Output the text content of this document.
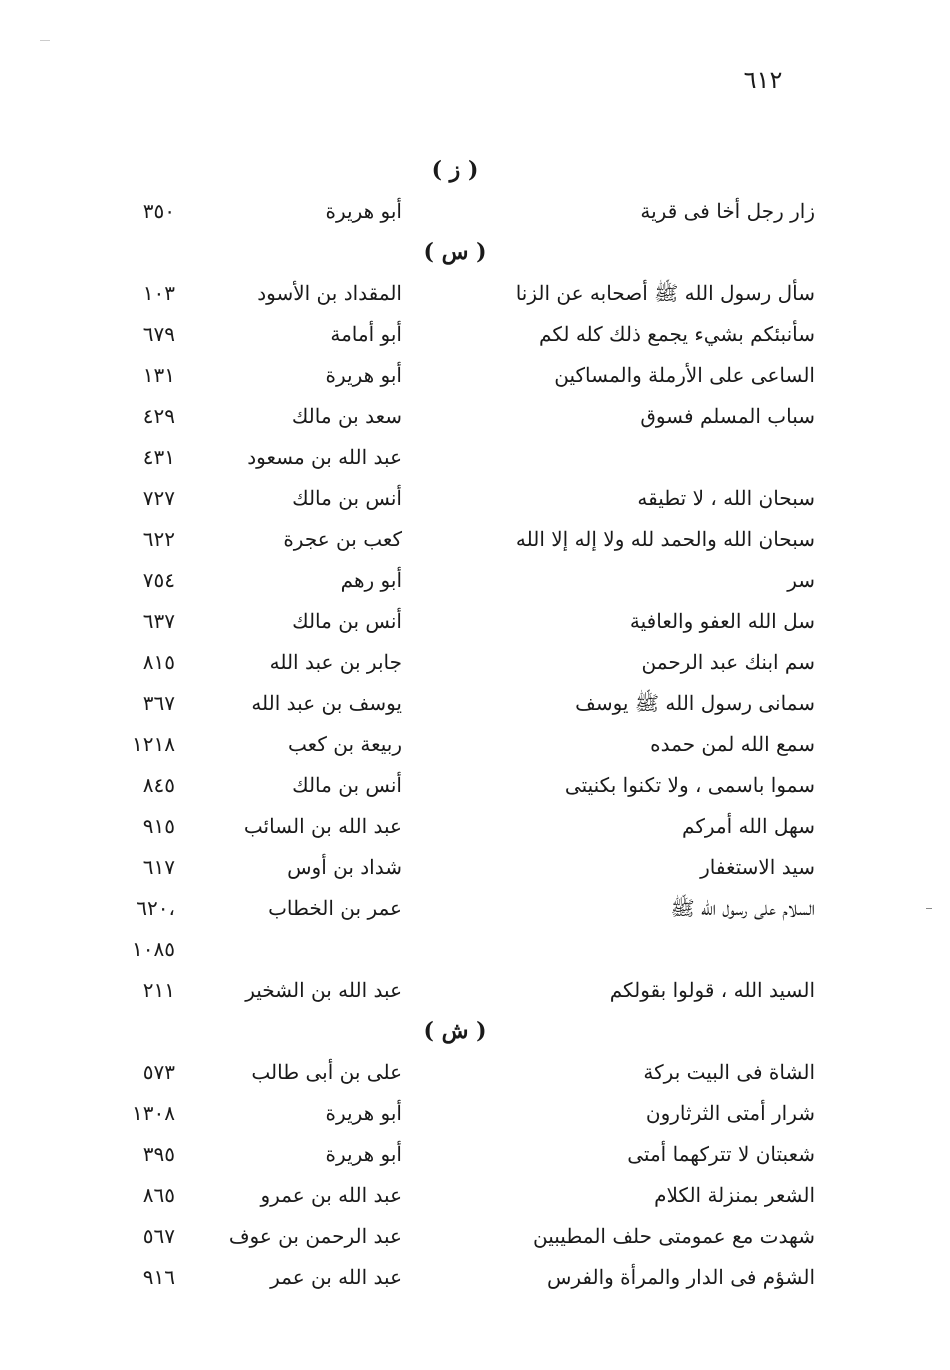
٦١٢
( ز )
زار رجل أخا فى قرية
أبو هريرة
٣٥٠
( س )
سأل رسول الله ﷺ أصحابه عن الزنا
المقداد بن الأسود
١٠٣
سأنبئكم بشيء يجمع ذلك كله لكم
أبو أمامة
٦٧٩
الساعى على الأرملة والمساكين
أبو هريرة
١٣١
سباب المسلم فسوق
سعد بن مالك
٤٢٩
عبد الله بن مسعود
٤٣١
سبحان الله ، لا تطيقه
أنس بن مالك
٧٢٧
سبحان الله والحمد لله ولا إله إلا الله
كعب بن عجرة
٦٢٢
سر
أبو رهم
٧٥٤
سل الله العفو والعافية
أنس بن مالك
٦٣٧
سم ابنك عبد الرحمن
جابر بن عبد الله
٨١٥
سمانى رسول الله ﷺ يوسف
يوسف بن عبد الله
٣٦٧
سمع الله لمن حمده
ربيعة بن كعب
١٢١٨
سموا باسمى ، ولا تكنوا بكنيتى
أنس بن مالك
٨٤٥
سهل الله أمركم
عبد الله بن السائب
٩١٥
سيد الاستغفار
شداد بن أوس
٦١٧
السلام على رسول الله ﷺ
عمر بن الخطاب
٦٢٠،
١٠٨٥
السيد الله ، قولوا بقولكم
عبد الله بن الشخير
٢١١
( ش )
الشاة فى البيت بركة
على بن أبى طالب
٥٧٣
شرار أمتى الثرثارون
أبو هريرة
١٣٠٨
شعبتان لا تتركهما أمتى
أبو هريرة
٣٩٥
الشعر بمنزلة الكلام
عبد الله بن عمرو
٨٦٥
شهدت مع عمومتى حلف المطيبين
عبد الرحمن بن عوف
٥٦٧
الشؤم فى الدار والمرأة والفرس
عبد الله بن عمر
٩١٦
